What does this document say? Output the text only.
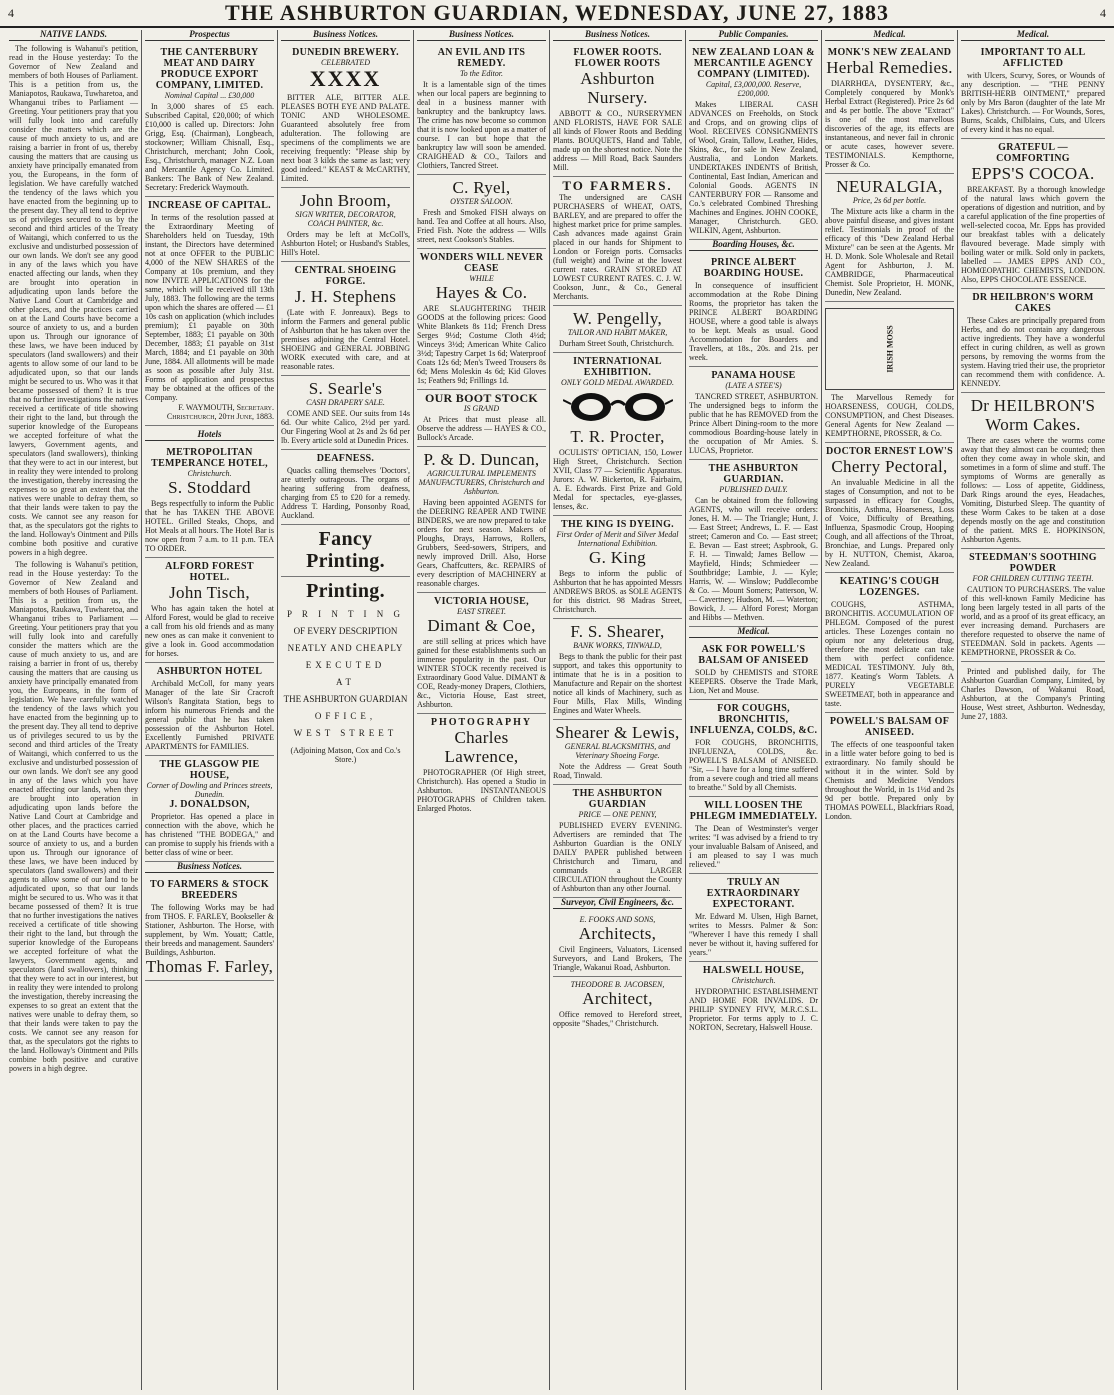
4	THE ASHBURTON GUARDIAN, WEDNESDAY, JUNE 27, 1883	4
NATIVE LANDS.
The following is Wahanui's petition, read in the House yesterday: To the Governor of New Zealand and members of both Houses of Parliament. This is a petition from us, the Maniapotos, Raukawa, Tuwharetoa, and Whanganui tribes to Parliament — Greeting. Your petitioners pray that you will fully look into and carefully consider the matters which are the cause of much anxiety to us, and are raising a barrier in front of us, thereby causing the matters that are causing us anxiety have principally emanated from you, the Europeans, in the form of legislation. We have carefully watched the tendency of the laws which you have enacted from the beginning up to the present day. They all tend to deprive us of privileges secured to us by the second and third articles of the Treaty of Waitangi, which conferred to us the exclusive and undisturbed possession of our own lands. We don't see any good in any of the laws which you have enacted affecting our lands, when they are brought into operation in adjudicating upon lands before the Native Land Court at Cambridge and other places, and the practices carried on at the Land Courts have become a source of anxiety to us, and a burden upon us. Through our ignorance of these laws, we have been induced by speculators (land swallowers) and their agents to allow some of our land to be adjudicated upon, so that our lands might be secured to us. Who was it that became possessed of them? It is true that no further investigations the natives received a certificate of title showing their right to the land, but through the superior knowledge of the Europeans we accepted forfeiture of what the lawyers, Government agents, and speculators (land swallowers), thinking that they were to act in our interest, but in reality they were intended to prolong the investigation, thereby increasing the expenses to so great an extent that the natives were unable to defray them, so that their lands were taken to pay the costs. We cannot see any reason for that, as the speculators got the rights to the land. Holloway's Ointment and Pills combine both positive and curative powers in a high degree.
The following is Wahanui's petition, read in the House yesterday: To the Governor of New Zealand and members of both Houses of Parliament. This is a petition from us, the Maniapotos, Raukawa, Tuwharetoa, and Whanganui tribes to Parliament — Greeting. Your petitioners pray that you will fully look into and carefully consider the matters which are the cause of much anxiety to us, and are raising a barrier in front of us, thereby causing the matters that are causing us anxiety have principally emanated from you, the Europeans, in the form of legislation. We have carefully watched the tendency of the laws which you have enacted from the beginning up to the present day. They all tend to deprive us of privileges secured to us by the second and third articles of the Treaty of Waitangi, which conferred to us the exclusive and undisturbed possession of our own lands. We don't see any good in any of the laws which you have enacted affecting our lands, when they are brought into operation in adjudicating upon lands before the Native Land Court at Cambridge and other places, and the practices carried on at the Land Courts have become a source of anxiety to us, and a burden upon us. Through our ignorance of these laws, we have been induced by speculators (land swallowers) and their agents to allow some of our land to be adjudicated upon, so that our lands might be secured to us. Who was it that became possessed of them? It is true that no further investigations the natives received a certificate of title showing their right to the land, but through the superior knowledge of the Europeans we accepted forfeiture of what the lawyers, Government agents, and speculators (land swallowers), thinking that they were to act in our interest, but in reality they were intended to prolong the investigation, thereby increasing the expenses to so great an extent that the natives were unable to defray them, so that their lands were taken to pay the costs. We cannot see any reason for that, as the speculators got the rights to the land. Holloway's Ointment and Pills combine both positive and curative powers in a high degree.
Prospectus
THE CANTERBURY MEAT AND DAIRY PRODUCE EXPORT COMPANY, LIMITED.
Nominal Capital ... £30,000
In 3,000 shares of £5 each. Subscribed Capital, £20,000; of which £10,000 is called up. Directors: John Grigg, Esq. (Chairman), Longbeach, stockowner; William Chisnall, Esq., Christchurch, merchant; John Cook, Esq., Christchurch, manager N.Z. Loan and Mercantile Agency Co. Limited. Bankers: The Bank of New Zealand. Secretary: Frederick Waymouth.
INCREASE OF CAPITAL.
In terms of the resolution passed at the Extraordinary Meeting of Shareholders held on Tuesday, 19th instant, the Directors have determined not at once OFFER to the PUBLIC 4,000 of the NEW SHARES of the Company at 10s premium, and they now INVITE APPLICATIONS for the same, which will be received till 13th July, 1883. The following are the terms upon which the shares are offered — £1 10s cash on application (which includes premium); £1 payable on 30th September, 1883; £1 payable on 30th December, 1883; £1 payable on 31st March, 1884; and £1 payable on 30th June, 1884. All allotments will be made as soon as possible after July 31st. Forms of application and prospectus may be obtained at the offices of the Company.
F. WAYMOUTH, Secretary. Christchurch, 20th June, 1883.
Hotels
METROPOLITAN TEMPERANCE HOTEL,
Christchurch.
S. Stoddard
Begs respectfully to inform the Public that he has TAKEN THE ABOVE HOTEL. Grilled Steaks, Chops, and Hot Meals at all hours. The Hotel Bar is now open from 7 a.m. to 11 p.m. TEA TO ORDER.
ALFORD FOREST HOTEL.
John Tisch,
Who has again taken the hotel at Alford Forest, would be glad to receive a call from his old friends and as many new ones as can make it convenient to give a look in. Good accommodation for horses.
ASHBURTON HOTEL
Archibald McColl, for many years Manager of the late Sir Cracroft Wilson's Rangitata Station, begs to inform his numerous Friends and the general public that he has taken possession of the Ashburton Hotel. Excellently Furnished PRIVATE APARTMENTS for FAMILIES.
THE GLASGOW PIE HOUSE,
Corner of Dowling and Princes streets, Dunedin.
J. DONALDSON,
Proprietor. Has opened a place in connection with the above, which he has christened "THE BODEGA," and can promise to supply his friends with a better class of wine or beer.
Business Notices.
TO FARMERS & STOCK BREEDERS
The following Works may be had from THOS. F. FARLEY, Bookseller & Stationer, Ashburton. The Horse, with supplement, by Wm. Youatt; Cattle, their breeds and management. Saunders' Buildings, Ashburton.
Thomas F. Farley,
Business Notices.
DUNEDIN BREWERY.
CELEBRATED
XXXX
BITTER ALE, BITTER ALE. PLEASES BOTH EYE AND PALATE. TONIC AND WHOLESOME. Guaranteed absolutely free from adulteration. The following are specimens of the compliments we are receiving frequently: "Please ship by next boat 3 kilds the same as last; very good indeed." KEAST & McCARTHY, Limited.
John Broom,
SIGN WRITER, DECORATOR, COACH PAINTER, &c.
Orders may be left at McColl's, Ashburton Hotel; or Husband's Stables, Hill's Hotel.
CENTRAL SHOEING FORGE.
J. H. Stephens
(Late with F. Jonreaux). Begs to inform the Farmers and general public of Ashburton that he has taken over the premises adjoining the Central Hotel. SHOEING and GENERAL JOBBING WORK executed with care, and at reasonable rates.
S. Searle's
CASH DRAPERY SALE.
COME AND SEE. Our suits from 14s 6d. Our white Calico, 2½d per yard. Our Fingering Wool at 2s and 2s 6d per lb. Every article sold at Dunedin Prices.
DEAFNESS.
Quacks calling themselves 'Doctors', are utterly outrageous. The organs of hearing suffering from deafness, charging from £5 to £20 for a remedy. Address T. Harding, Ponsonby Road, Auckland.
Fancy Printing.
Printing.
P R I N T I N G
OF EVERY DESCRIPTION
NEATLY AND CHEAPLY
EXECUTED
AT
THE ASHBURTON GUARDIAN
OFFICE,
WEST STREET
(Adjoining Matson, Cox and Co.'s Store.)
Business Notices.
AN EVIL AND ITS REMEDY.
To the Editor.
It is a lamentable sign of the times when our local papers are beginning to deal in a business manner with bankruptcy and the bankruptcy laws. The crime has now become so common that it is now looked upon as a matter of course. I can but hope that the bankruptcy law will soon be amended. CRAIGHEAD & CO., Tailors and Clothiers, Tancred Street.
C. Ryel,
OYSTER SALOON.
Fresh and Smoked FISH always on hand. Tea and Coffee at all hours. Also, Fried Fish. Note the address — Wills street, next Cookson's Stables.
WONDERS WILL NEVER CEASE
WHILE
Hayes & Co.
ARE SLAUGHTERING THEIR GOODS at the following prices: Good White Blankets 8s 11d; French Dress Serges 9½d; Costume Cloth 4½d; Winceys 3½d; American White Calico 3½d; Tapestry Carpet 1s 6d; Waterproof Coats 12s 6d; Men's Tweed Trousers 8s 6d; Mens Moleskin 4s 6d; Kid Gloves 1s; Feathers 9d; Frillings 1d.
OUR BOOT STOCK
IS GRAND
At Prices that must please all. Observe the address — HAYES & CO., Bullock's Arcade.
P. & D. Duncan,
AGRICULTURAL IMPLEMENTS MANUFACTURERS, Christchurch and Ashburton.
Having been appointed AGENTS for the DEERING REAPER AND TWINE BINDERS, we are now prepared to take orders for next season. Makers of Ploughs, Drays, Harrows, Rollers, Grubbers, Seed-sowers, Stripers, and newly improved Drill. Also, Horse Gears, Chaffcutters, &c. REPAIRS of every description of MACHINERY at reasonable charges.
VICTORIA HOUSE,
EAST STREET.
Dimant & Coe,
are still selling at prices which have gained for these establishments such an immense popularity in the past. Our WINTER STOCK recently received is Extraordinary Good Value. DIMANT & COE, Ready-money Drapers, Clothiers, &c., Victoria House, East street, Ashburton.
PHOTOGRAPHY
Charles Lawrence,
PHOTOGRAPHER (Of High street, Christchurch). Has opened a Studio in Ashburton. INSTANTANEOUS PHOTOGRAPHS of Children taken. Enlarged Photos.
Business Notices.
FLOWER ROOTS. FLOWER ROOTS
Ashburton Nursery.
ABBOTT & CO., NURSERYMEN AND FLORISTS, HAVE FOR SALE all kinds of Flower Roots and Bedding Plants. BOUQUETS, Hand and Table, made up on the shortest notice. Note the address — Mill Road, Back Saunders Mill.
TO FARMERS.
The undersigned are CASH PURCHASERS of WHEAT, OATS, BARLEY, and are prepared to offer the highest market price for prime samples. Cash advances made against Grain placed in our hands for Shipment to London or Foreign ports. Cornsacks (full weight) and Twine at the lowest current rates. GRAIN STORED AT LOWEST CURRENT RATES. C. J. W. Cookson, Junr., & Co., General Merchants.
W. Pengelly,
TAILOR AND HABIT MAKER,
Durham Street South, Christchurch.
INTERNATIONAL EXHIBITION.
ONLY GOLD MEDAL AWARDED.
T. R. Procter,
OCULISTS' OPTICIAN, 150, Lower High Street, Christchurch. Section XVII, Class 77 — Scientific Apparatus. Jurors: A. W. Bickerton, R. Fairbairn, A. E. Edwards. First Prize and Gold Medal for spectacles, eye-glasses, lenses, &c.
THE KING IS DYEING.
First Order of Merit and Silver Medal International Exhibition.
G. King
Begs to inform the public of Ashburton that he has appointed Messrs ANDREWS BROS. as SOLE AGENTS for this district. 98 Madras Street, Christchurch.
F. S. Shearer,
BANK WORKS, TINWALD,
Begs to thank the public for their past support, and takes this opportunity to intimate that he is in a position to Manufacture and Repair on the shortest notice all kinds of Machinery, such as Four Mills, Flax Mills, Winding Engines and Water Wheels.
Shearer & Lewis,
GENERAL BLACKSMITHS, and Veterinary Shoeing Forge.
Note the Address — Great South Road, Tinwald.
THE ASHBURTON GUARDIAN
PRICE — ONE PENNY,
PUBLISHED EVERY EVENING. Advertisers are reminded that The Ashburton Guardian is the ONLY DAILY PAPER published between Christchurch and Timaru, and commands a LARGER CIRCULATION throughout the County of Ashburton than any other Journal.
Surveyor, Civil Engineers, &c.
E. FOOKS AND SONS,
Architects,
Civil Engineers, Valuators, Licensed Surveyors, and Land Brokers, The Triangle, Wakanui Road, Ashburton.
THEODORE B. JACOBSEN,
Architect,
Office removed to Hereford street, opposite "Shades," Christchurch.
Public Companies.
NEW ZEALAND LOAN & MERCANTILE AGENCY COMPANY (LIMITED).
Capital, £3,000,000. Reserve, £200,000.
Makes LIBERAL CASH ADVANCES on Freeholds, on Stock and Crops, and on growing clips of Wool. RECEIVES CONSIGNMENTS of Wool, Grain, Tallow, Leather, Hides, Skins, &c., for sale in New Zealand, Australia, and London Markets. UNDERTAKES INDENTS of British, Continental, East Indian, American and Colonial Goods. AGENTS IN CANTERBURY FOR — Ransome and Co.'s celebrated Combined Threshing Machines and Engines. JOHN COOKE, Manager, Christchurch. GEO. WILKIN, Agent, Ashburton.
Boarding Houses, &c.
PRINCE ALBERT BOARDING HOUSE.
In consequence of insufficient accommodation at the Robe Dining Rooms, the proprietor has taken the PRINCE ALBERT BOARDING HOUSE, where a good table is always to be kept. Meals as usual. Good Accommodation for Boarders and Travellers, at 18s., 20s. and 21s. per week.
PANAMA HOUSE
(LATE A STEE'S)
TANCRED STREET, ASHBURTON. The undersigned begs to inform the public that he has REMOVED from the Prince Albert Dining-room to the more commodious Boarding-house lately in the occupation of Mr Amies. S. LUCAS, Proprietor.
THE ASHBURTON GUARDIAN.
PUBLISHED DAILY.
Can be obtained from the following AGENTS, who will receive orders: Jones, H. M. — The Triangle; Hunt, J. — East Street; Andrews, L. F. — East street; Cameron and Co. — East street; E. Bevan — East street; Aspbrook, G. F. H. — Tinwald; James Bellow — Mayfield, Hinds; Schmiedeer — Southbridge; Lambie, J. — Kyle; Harris, W. — Winslow; Puddlecombe & Co. — Mount Somers; Patterson, W. — Cavertney; Hudson, M. — Waterton; Bowick, J. — Alford Forest; Morgan and Hibbs — Methven.
Medical.
ASK FOR POWELL'S BALSAM OF ANISEED
SOLD by CHEMISTS and STORE KEEPERS. Observe the Trade Mark, Lion, Net and Mouse.
FOR COUGHS, BRONCHITIS, INFLUENZA, COLDS, &C.
FOR COUGHS, BRONCHITIS, INFLUENZA, COLDS, &c. POWELL'S BALSAM of ANISEED. "Sir, — I have for a long time suffered from a severe cough and tried all means to breathe." Sold by all Chemists.
WILL LOOSEN THE PHLEGM IMMEDIATELY.
The Dean of Westminster's verger writes: "I was advised by a friend to try your invaluable Balsam of Aniseed, and I am pleased to say I was much relieved."
TRULY AN EXTRAORDINARY EXPECTORANT.
Mr. Edward M. Ulsen, High Barnet, writes to Messrs. Palmer & Son: "Wherever I have this remedy I shall never be without it, having suffered for years."
HALSWELL HOUSE,
Christchurch.
HYDROPATHIC ESTABLISHMENT AND HOME FOR INVALIDS. Dr PHILIP SYDNEY FIVY, M.R.C.S.L. Proprietor. For terms apply to J. C. NORTON, Secretary, Halswell House.
Medical.
MONK'S NEW ZEALAND
Herbal Remedies.
DIARRHŒA, DYSENTERY, &c., Completely conquered by Monk's Herbal Extract (Registered). Price 2s 6d and 4s per bottle. The above "Extract" is one of the most marvellous discoveries of the age, its effects are instantaneous, and never fail in chronic or acute cases, however severe. TESTIMONIALS. Kempthorne, Prosser & Co.
NEURALGIA,
Price, 2s 6d per bottle.
The Mixture acts like a charm in the above painful disease, and gives instant relief. Testimonials in proof of the efficacy of this "Dew Zealand Herbal Mixture" can be seen at the Agents. Mr H. D. Monk. Sole Wholesale and Retail Agent for Ashburton, J. M. CAMBRIDGE, Pharmaceutical Chemist. Sole Proprietor, H. MONK, Dunedin, New Zealand.
IRISH MOSS
The Marvellous Remedy for HOARSENESS, COUGH, COLDS, CONSUMPTION, and Chest Diseases. General Agents for New Zealand — KEMPTHORNE, PROSSER, & Co.
DOCTOR ERNEST LOW'S
Cherry Pectoral,
An invaluable Medicine in all the stages of Consumption, and not to be surpassed in efficacy for Coughs, Bronchitis, Asthma, Hoarseness, Loss of Voice, Difficulty of Breathing, Influenza, Spasmodic Croup, Hooping Cough, and all affections of the Throat, Bronchiae, and Lungs. Prepared only by H. NUTTON, Chemist, Akaroa, New Zealand.
KEATING'S COUGH LOZENGES.
COUGHS, ASTHMA, BRONCHITIS. ACCUMULATION OF PHLEGM. Composed of the purest articles. These Lozenges contain no opium nor any deleterious drug, therefore the most delicate can take them with perfect confidence. MEDICAL TESTIMONY. July 8th, 1877. Keating's Worm Tablets. A PURELY VEGETABLE SWEETMEAT, both in appearance and taste.
POWELL'S BALSAM OF ANISEED.
The effects of one teaspoonful taken in a little water before going to bed is extraordinary. No family should be without it in the winter. Sold by Chemists and Medicine Vendors throughout the World, in 1s 1½d and 2s 9d per bottle. Prepared only by THOMAS POWELL, Blackfriars Road, London.
Medical.
IMPORTANT TO ALL AFFLICTED
with Ulcers, Scurvy, Sores, or Wounds of any description. — "THE PENNY BRITISH-HERB OINTMENT," prepared only by Mrs Baron (daughter of the late Mr Lakes). Christchurch. — For Wounds, Sores, Burns, Scalds, Chilblains, Cuts, and Ulcers of every kind it has no equal.
GRATEFUL — COMFORTING
EPPS'S COCOA.
BREAKFAST. By a thorough knowledge of the natural laws which govern the operations of digestion and nutrition, and by a careful application of the fine properties of well-selected cocoa, Mr. Epps has provided our breakfast tables with a delicately flavoured beverage. Made simply with boiling water or milk. Sold only in packets, labelled — JAMES EPPS AND CO., HOMŒOPATHIC CHEMISTS, LONDON. Also, EPPS CHOCOLATE ESSENCE.
DR HEILBRON'S WORM CAKES
These Cakes are principally prepared from Herbs, and do not contain any dangerous active ingredients. They have a wonderful effect in curing children, as well as grown persons, by removing the worms from the system. Having tried their use, the proprietor can recommend them with confidence. A. KENNEDY.
Dr HEILBRON'S Worm Cakes.
There are cases where the worms come away that they almost can be counted; then often they come away in whole skin, and sometimes in a form of slime and stuff. The symptoms of Worms are generally as follows: — Loss of appetite, Giddiness, Dark Rings around the eyes, Headaches, Vomiting, Disturbed Sleep. The quantity of these Worm Cakes to be taken at a dose depends mostly on the age and constitution of the patient. MRS E. HOPKINSON, Ashburton Agents.
STEEDMAN'S SOOTHING POWDER
FOR CHILDREN CUTTING TEETH.
CAUTION TO PURCHASERS. The value of this well-known Family Medicine has long been largely tested in all parts of the world, and as a proof of its great efficacy, an ever increasing demand. Purchasers are therefore requested to observe the name of STEEDMAN. Sold in packets. Agents — KEMPTHORNE, PROSSER & Co.
Printed and published daily, for The Ashburton Guardian Company, Limited, by Charles Dawson, of Wakanui Road, Ashburton, at the Company's Printing House, West street, Ashburton. Wednesday, June 27, 1883.
